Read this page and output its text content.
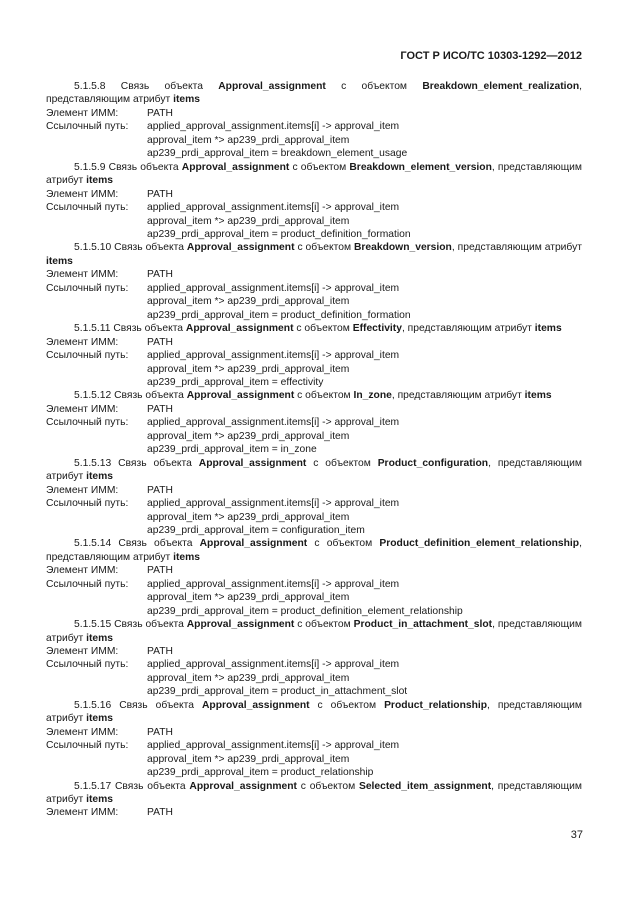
ГОСТ Р ИСО/ТС 10303-1292—2012
5.1.5.8 Связь объекта Approval_assignment с объектом Breakdown_element_realization, представляющим атрибут items
Элемент ИММ:	PATH
Ссылочный путь:	applied_approval_assignment.items[i] -> approval_item
approval_item *> ap239_prdi_approval_item
ap239_prdi_approval_item = breakdown_element_usage
5.1.5.9 Связь объекта Approval_assignment с объектом Breakdown_element_version, представляющим атрибут items
Элемент ИММ:	PATH
Ссылочный путь:	applied_approval_assignment.items[i] -> approval_item
approval_item *> ap239_prdi_approval_item
ap239_prdi_approval_item = product_definition_formation
5.1.5.10 Связь объекта Approval_assignment с объектом Breakdown_version, представляющим атрибут items
Элемент ИММ:	PATH
Ссылочный путь:	applied_approval_assignment.items[i] -> approval_item
approval_item *> ap239_prdi_approval_item
ap239_prdi_approval_item = product_definition_formation
5.1.5.11 Связь объекта Approval_assignment с объектом Effectivity, представляющим атрибут items
Элемент ИММ:	PATH
Ссылочный путь:	applied_approval_assignment.items[i] -> approval_item
approval_item *> ap239_prdi_approval_item
ap239_prdi_approval_item = effectivity
5.1.5.12 Связь объекта Approval_assignment с объектом In_zone, представляющим атрибут items
Элемент ИММ:	PATH
Ссылочный путь:	applied_approval_assignment.items[i] -> approval_item
approval_item *> ap239_prdi_approval_item
ap239_prdi_approval_item = in_zone
5.1.5.13 Связь объекта Approval_assignment с объектом Product_configuration, представляющим атрибут items
Элемент ИММ:	PATH
Ссылочный путь:	applied_approval_assignment.items[i] -> approval_item
approval_item *> ap239_prdi_approval_item
ap239_prdi_approval_item = configuration_item
5.1.5.14 Связь объекта Approval_assignment с объектом Product_definition_element_relationship, представляющим атрибут items
Элемент ИММ:	PATH
Ссылочный путь:	applied_approval_assignment.items[i] -> approval_item
approval_item *> ap239_prdi_approval_item
ap239_prdi_approval_item = product_definition_element_relationship
5.1.5.15 Связь объекта Approval_assignment с объектом Product_in_attachment_slot, представляющим атрибут items
Элемент ИММ:	PATH
Ссылочный путь:	applied_approval_assignment.items[i] -> approval_item
approval_item *> ap239_prdi_approval_item
ap239_prdi_approval_item = product_in_attachment_slot
5.1.5.16 Связь объекта Approval_assignment с объектом Product_relationship, представляющим атрибут items
Элемент ИММ:	PATH
Ссылочный путь:	applied_approval_assignment.items[i] -> approval_item
approval_item *> ap239_prdi_approval_item
ap239_prdi_approval_item = product_relationship
5.1.5.17 Связь объекта Approval_assignment с объектом Selected_item_assignment, представляющим атрибут items
Элемент ИММ:	PATH
37
